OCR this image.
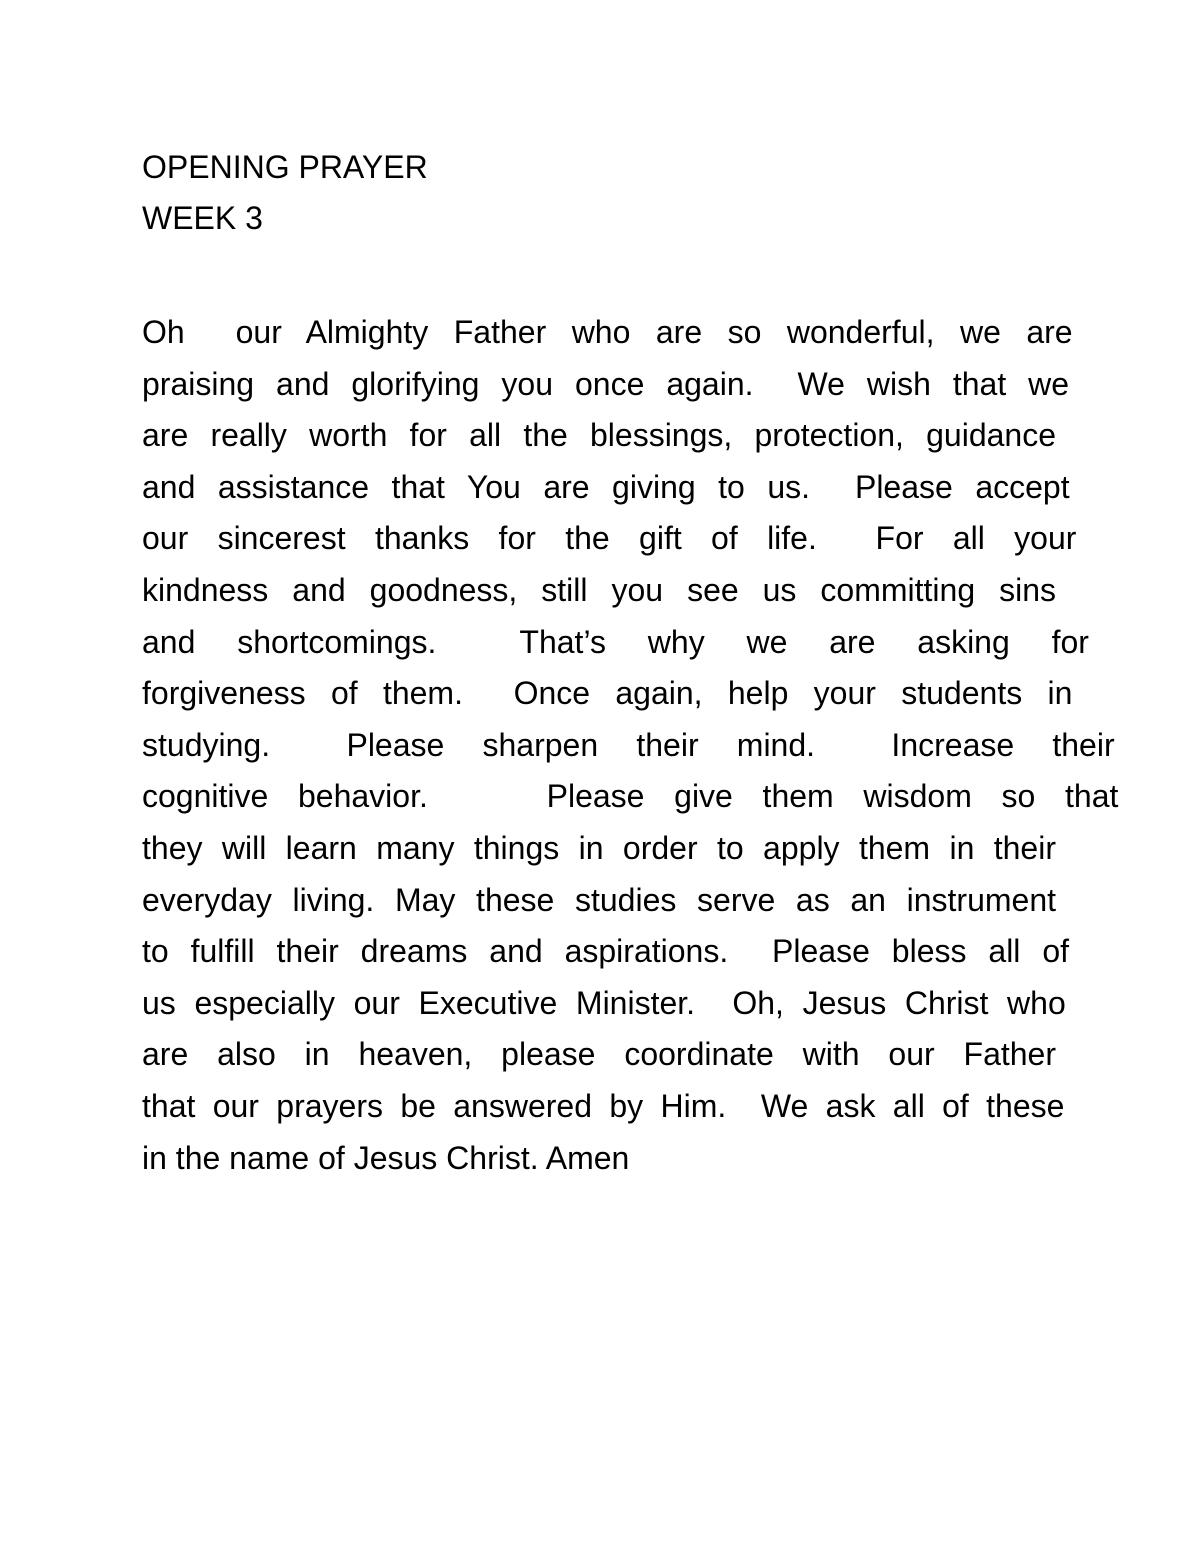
OPENING PRAYER
WEEK 3
Oh  our Almighty Father who are so wonderful, we are
praising and glorifying you once again.  We wish that we
are really worth for all the blessings, protection, guidance
and assistance that You are giving to us.  Please accept
our sincerest thanks for the gift of life.  For all your
kindness and goodness, still you see us committing sins
and shortcomings.  That’s why we are asking for
forgiveness of them.  Once again, help your students in
studying.  Please sharpen their mind.  Increase their
cognitive behavior.    Please give them wisdom so that
they will learn many things in order to apply them in their
everyday living. May these studies serve as an instrument
to fulfill their dreams and aspirations.  Please bless all of
us especially our Executive Minister.  Oh, Jesus Christ who
are also in heaven, please coordinate with our Father
that our prayers be answered by Him.  We ask all of these
in the name of Jesus Christ. Amen
